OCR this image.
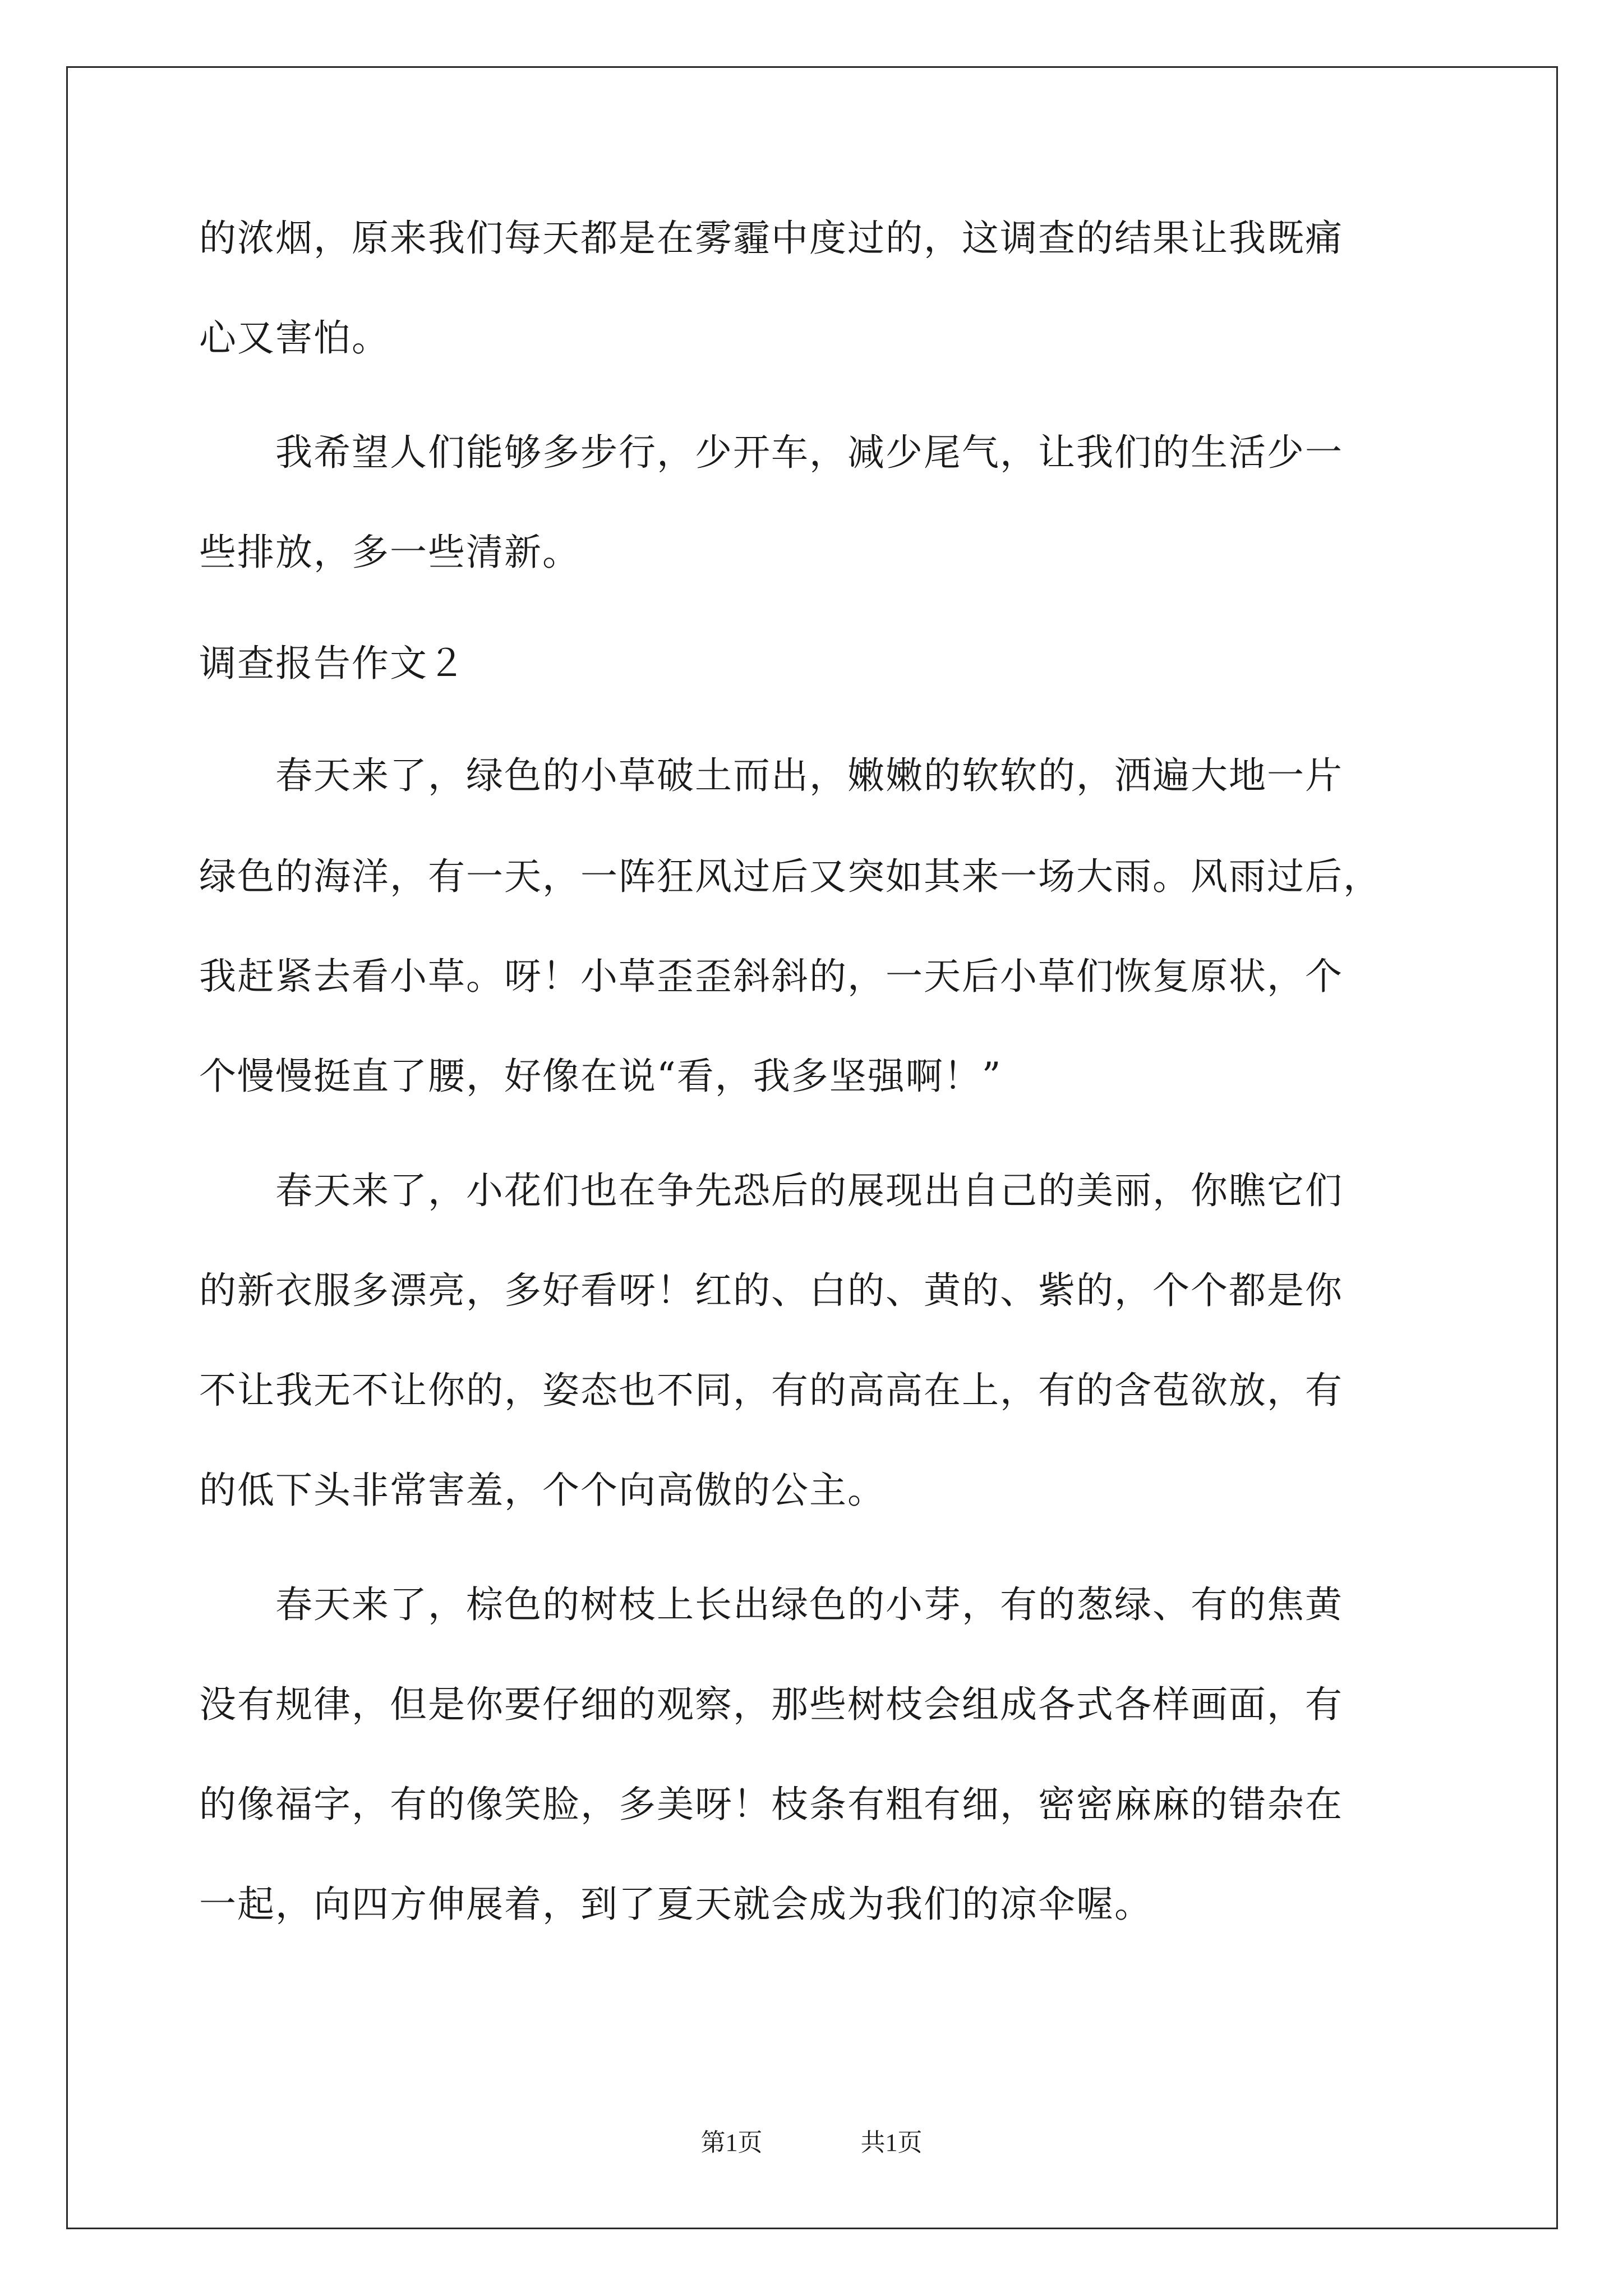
的浓烟，原来我们每天都是在雾霾中度过的，这调查的结果让我既痛
心又害怕。
　　我希望人们能够多步行，少开车，减少尾气，让我们的生活少一
些排放，多一些清新。
调查报告作文２
　　春天来了，绿色的小草破土而出，嫩嫩的软软的，洒遍大地一片
绿色的海洋，有一天，一阵狂风过后又突如其来一场大雨。风雨过后，
我赶紧去看小草。呀！小草歪歪斜斜的，一天后小草们恢复原状，个
个慢慢挺直了腰，好像在说“看，我多坚强啊！”
　　春天来了，小花们也在争先恐后的展现出自己的美丽，你瞧它们
的新衣服多漂亮，多好看呀！红的、白的、黄的、紫的，个个都是你
不让我无不让你的，姿态也不同，有的高高在上，有的含苞欲放，有
的低下头非常害羞，个个向高傲的公主。
　　春天来了，棕色的树枝上长出绿色的小芽，有的葱绿、有的焦黄
没有规律，但是你要仔细的观察，那些树枝会组成各式各样画面，有
的像福字，有的像笑脸，多美呀！枝条有粗有细，密密麻麻的错杂在
一起，向四方伸展着，到了夏天就会成为我们的凉伞喔。
第1页	共1页
